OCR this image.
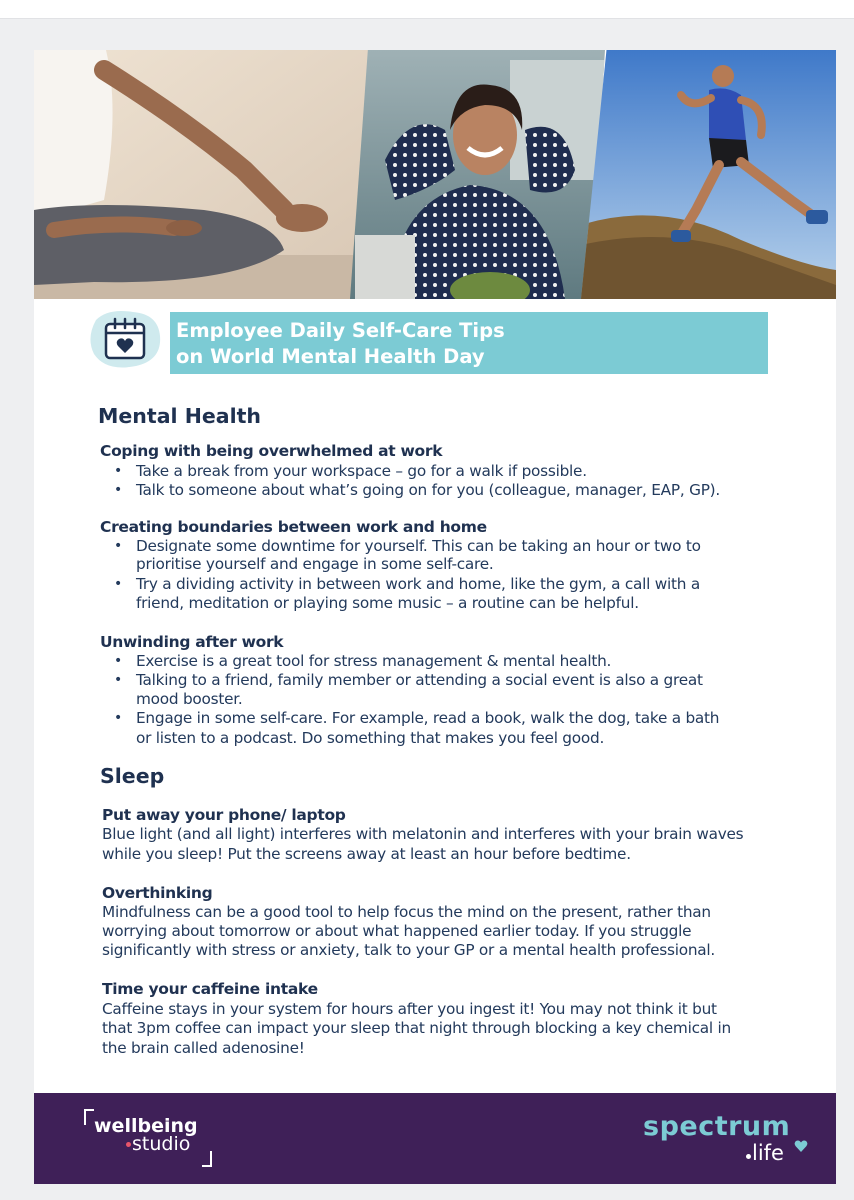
Employee Daily Self-Care Tips
on World Mental Health Day
Mental Health
Coping with being overwhelmed at work
• Take a break from your workspace – go for a walk if possible.
• Talk to someone about what’s going on for you (colleague, manager, EAP, GP).
Creating boundaries between work and home
• Designate some downtime for yourself. This can be taking an hour or two to
prioritise yourself and engage in some self-care.
• Try a dividing activity in between work and home, like the gym, a call with a
friend, meditation or playing some music – a routine can be helpful.
Unwinding after work
• Exercise is a great tool for stress management & mental health.
• Talking to a friend, family member or attending a social event is also a great
mood booster.
• Engage in some self-care. For example, read a book, walk the dog, take a bath
or listen to a podcast. Do something that makes you feel good.
Sleep
Put away your phone/ laptop
Blue light (and all light) interferes with melatonin and interferes with your brain waves
while you sleep! Put the screens away at least an hour before bedtime.
Overthinking
Mindfulness can be a good tool to help focus the mind on the present, rather than
worrying about tomorrow or about what happened earlier today. If you struggle
significantly with stress or anxiety, talk to your GP or a mental health professional.
Time your caffeine intake
Caffeine stays in your system for hours after you ingest it! You may not think it but
that 3pm coffee can impact your sleep that night through blocking a key chemical in
the brain called adenosine!
wellbeing
studio
spectrum
life
